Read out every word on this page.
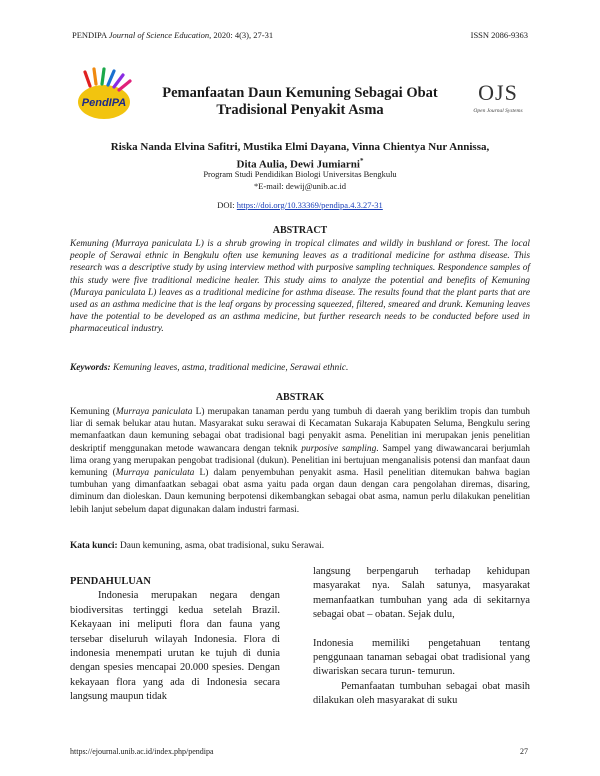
PENDIPA Journal of Science Education, 2020: 4(3), 27-31	ISSN 2086-9363
PendIPA	OJS
Open Journal Systems
Pemanfaatan Daun Kemuning Sebagai Obat
Tradisional Penyakit Asma
Riska Nanda Elvina Safitri, Mustika Elmi Dayana, Vinna Chientya Nur Annissa,
Dita Aulia, Dewi Jumiarni*
Program Studi Pendidikan Biologi Universitas Bengkulu
*E-mail: dewij@unib.ac.id
DOI: https://doi.org/10.33369/pendipa.4.3.27-31
ABSTRACT
Kemuning (Murraya paniculata L) is a shrub growing in tropical climates and wildly in bushland or forest. The local people of Serawai ethnic in Bengkulu often use kemuning leaves as a traditional medicine for asthma disease. This research was a descriptive study by using interview method with purposive sampling techniques. Respondence samples of this study were five traditional medicine healer. This study aims to analyze the potential and benefits of Kemuning (Muraya paniculata L) leaves as a traditional medicine for asthma disease. The results found that the plant parts that are used as an asthma medicine that is the leaf organs by processing squeezed, filtered, smeared and drunk. Kemuning leaves have the potential to be developed as an asthma medicine, but further research needs to be conducted before used in pharmaceutical industry.
Keywords: Kemuning leaves, astma, traditional medicine, Serawai ethnic.
ABSTRAK
Kemuning (Murraya paniculata L) merupakan tanaman perdu yang tumbuh di daerah yang beriklim tropis dan tumbuh liar di semak belukar atau hutan. Masyarakat suku serawai di Kecamatan Sukaraja Kabupaten Seluma, Bengkulu sering memanfaatkan daun kemuning sebagai obat tradisional bagi penyakit asma. Penelitian ini merupakan jenis penelitian deskriptif menggunakan metode wawancara dengan teknik purposive sampling. Sampel yang diwawancarai berjumlah lima orang yang merupakan pengobat tradisional (dukun). Penelitian ini bertujuan menganalisis potensi dan manfaat daun kemuning (Murraya paniculata L) dalam penyembuhan penyakit asma. Hasil penelitian ditemukan bahwa bagian tumbuhan yang dimanfaatkan sebagai obat asma yaitu pada organ daun dengan cara pengolahan diremas, disaring, diminum dan dioleskan. Daun kemuning berpotensi dikembangkan sebagai obat asma, namun perlu dilakukan penelitian lebih lanjut sebelum dapat digunakan dalam industri farmasi.
Kata kunci: Daun kemuning, asma, obat tradisional, suku Serawai.
PENDAHULUAN
Indonesia merupakan negara dengan biodiversitas tertinggi kedua setelah Brazil. Kekayaan ini meliputi flora dan fauna yang tersebar diseluruh wilayah Indonesia. Flora di indonesia menempati urutan ke tujuh di dunia dengan spesies mencapai 20.000 spesies. Dengan kekayaan flora yang ada di Indonesia secara langsung maupun tidak
langsung berpengaruh terhadap kehidupan masyarakat nya. Salah satunya, masyarakat memanfaatkan tumbuhan yang ada di sekitarnya sebagai obat – obatan. Sejak dulu,
Indonesia memiliki pengetahuan tentang penggunaan tanaman sebagai obat tradisional yang diwariskan secara turun- temurun.
Pemanfaatan tumbuhan sebagai obat masih dilakukan oleh masyarakat di suku
https://ejournal.unib.ac.id/index.php/pendipa	27
